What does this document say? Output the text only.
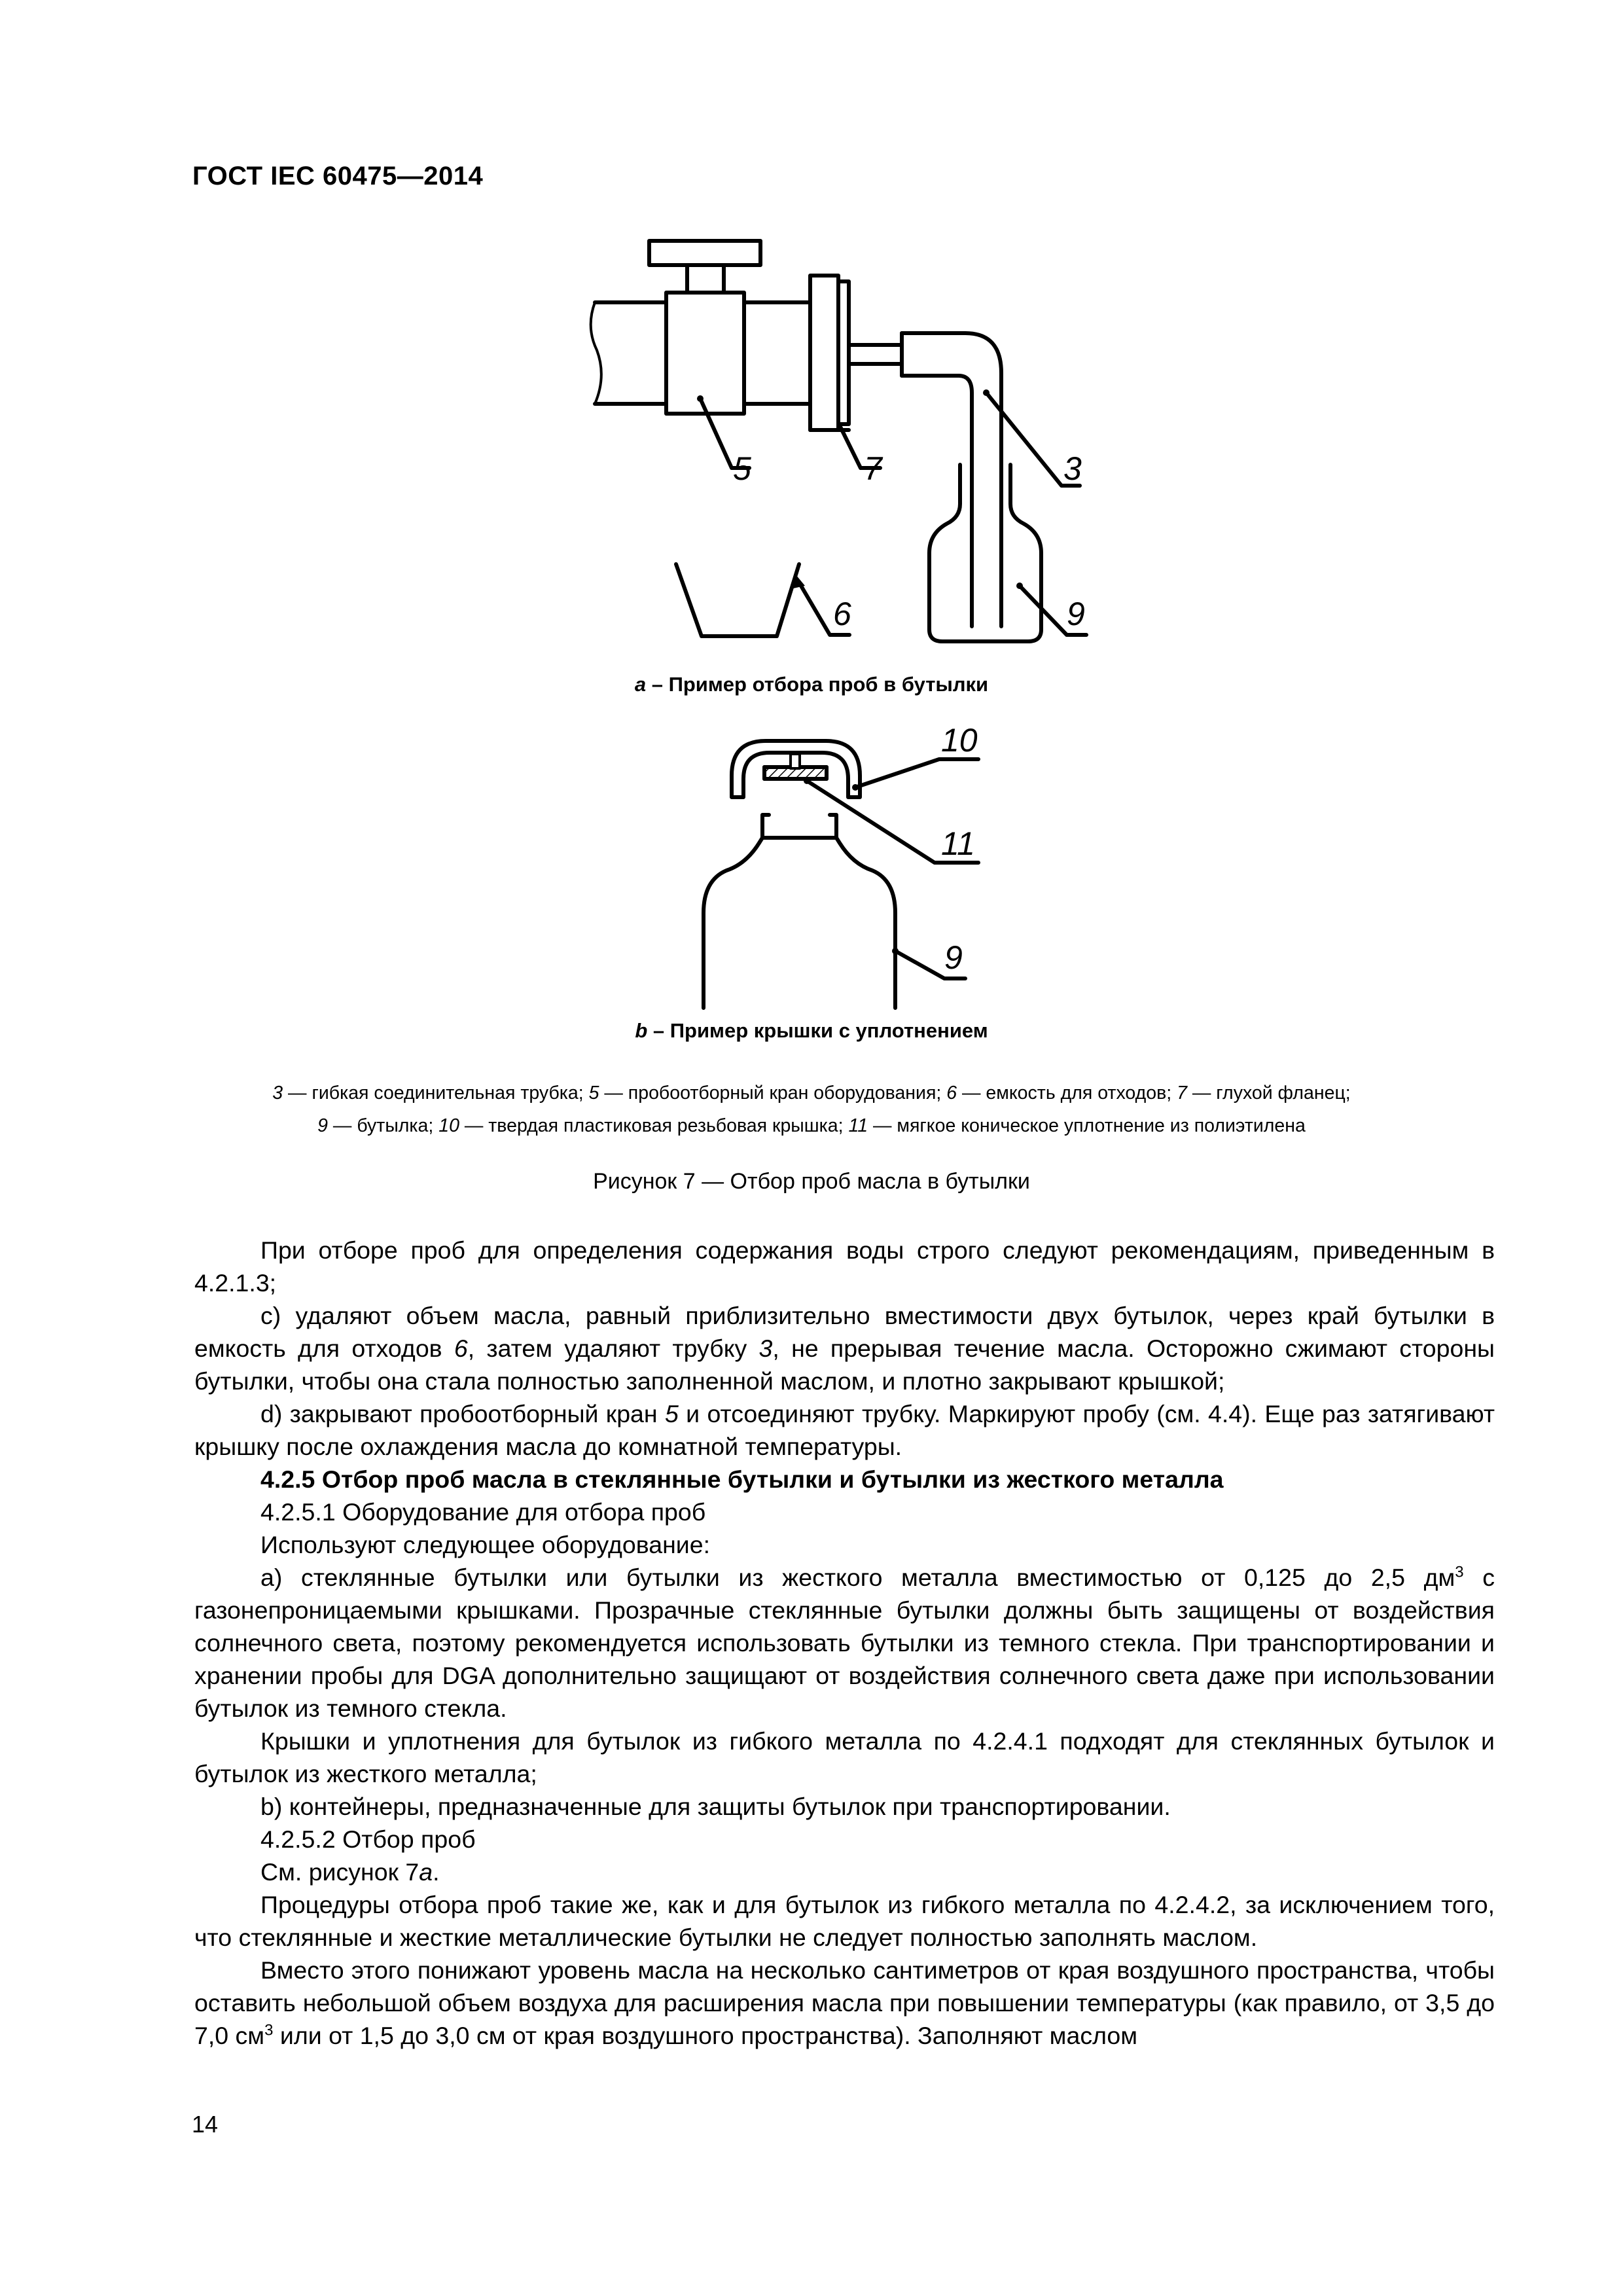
ГОСТ IEC 60475—2014
5	7	3
6	9
10
11
9
a – Пример отбора проб в бутылки
b – Пример крышки с уплотнением
3 — гибкая соединительная трубка; 5 — пробоотборный кран оборудования; 6 — емкость для отходов; 7 — глухой фланец;
9 — бутылка; 10 — твердая пластиковая резьбовая крышка; 11 — мягкое коническое уплотнение из полиэтилена
Рисунок 7 — Отбор проб масла в бутылки

При отборе проб для определения содержания воды строго следуют рекомендациям, приведенным в 4.2.1.3;

c) удаляют объем масла, равный приблизительно вместимости двух бутылок, через край бутылки в емкость для отходов 6, затем удаляют трубку 3, не прерывая течение масла. Осторожно сжимают стороны бутылки, чтобы она стала полностью заполненной маслом, и плотно закрывают крышкой;

d) закрывают пробоотборный кран 5 и отсоединяют трубку. Маркируют пробу (см. 4.4). Еще раз затягивают крышку после охлаждения масла до комнатной температуры.

4.2.5 Отбор проб масла в стеклянные бутылки и бутылки из жесткого металла

4.2.5.1 Оборудование для отбора проб

Используют следующее оборудование:

a) стеклянные бутылки или бутылки из жесткого металла вместимостью от 0,125 до 2,5 $дм^3$ с газонепроницаемыми крышками. Прозрачные стеклянные бутылки должны быть защищены от воздействия солнечного света, поэтому рекомендуется использовать бутылки из темного стекла. При транспортировании и хранении пробы для DGA дополнительно защищают от воздействия солнечного света даже при использовании бутылок из темного стекла.

Крышки и уплотнения для бутылок из гибкого металла по 4.2.4.1 подходят для стеклянных бутылок и бутылок из жесткого металла;

b) контейнеры, предназначенные для защиты бутылок при транспортировании.

4.2.5.2 Отбор проб

См. рисунок 7a.

Процедуры отбора проб такие же, как и для бутылок из гибкого металла по 4.2.4.2, за исключением того, что стеклянные и жесткие металлические бутылки не следует полностью заполнять маслом.

Вместо этого понижают уровень масла на несколько сантиметров от края воздушного пространства, чтобы оставить небольшой объем воздуха для расширения масла при повышении температуры (как правило, от 3,5 до 7,0 $см^3$ или от 1,5 до 3,0 см от края воздушного пространства). Заполняют маслом

14
